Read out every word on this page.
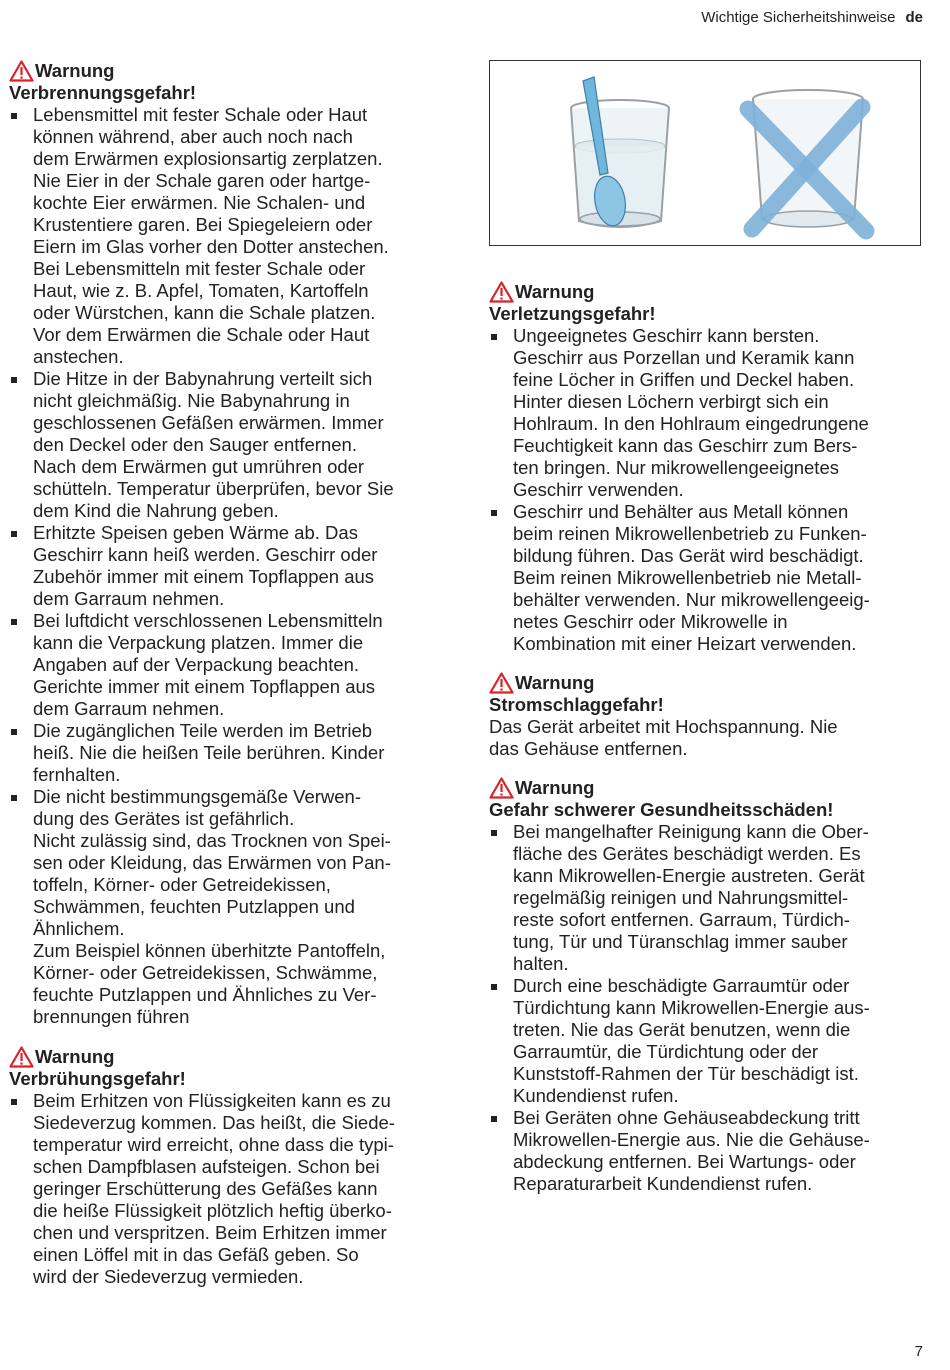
Wichtige Sicherheitshinweise de
Warnung
Verbrennungsgefahr!

Lebensmittel mit fester Schale oder Haut
können während, aber auch noch nach
dem Erwärmen explosionsartig zerplatzen.
Nie Eier in der Schale garen oder hartge-
kochte Eier erwärmen. Nie Schalen- und
Krustentiere garen. Bei Spiegeleiern oder
Eiern im Glas vorher den Dotter anstechen.
Bei Lebensmitteln mit fester Schale oder
Haut, wie z. B. Apfel, Tomaten, Kartoffeln
oder Würstchen, kann die Schale platzen.
Vor dem Erwärmen die Schale oder Haut
anstechen.

Die Hitze in der Babynahrung verteilt sich
nicht gleichmäßig. Nie Babynahrung in
geschlossenen Gefäßen erwärmen. Immer
den Deckel oder den Sauger entfernen.
Nach dem Erwärmen gut umrühren oder
schütteln. Temperatur überprüfen, bevor Sie
dem Kind die Nahrung geben.

Erhitzte Speisen geben Wärme ab. Das
Geschirr kann heiß werden. Geschirr oder
Zubehör immer mit einem Topflappen aus
dem Garraum nehmen.

Bei luftdicht verschlossenen Lebensmitteln
kann die Verpackung platzen. Immer die
Angaben auf der Verpackung beachten.
Gerichte immer mit einem Topflappen aus
dem Garraum nehmen.

Die zugänglichen Teile werden im Betrieb
heiß. Nie die heißen Teile berühren. Kinder
fernhalten.

Die nicht bestimmungsgemäße Verwen-
dung des Gerätes ist gefährlich.
Nicht zulässig sind, das Trocknen von Spei-
sen oder Kleidung, das Erwärmen von Pan-
toffeln, Körner- oder Getreidekissen,
Schwämmen, feuchten Putzlappen und
Ähnlichem.
Zum Beispiel können überhitzte Pantoffeln,
Körner- oder Getreidekissen, Schwämme,
feuchte Putzlappen und Ähnliches zu Ver-
brennungen führen

Warnung
Verbrühungsgefahr!

Beim Erhitzen von Flüssigkeiten kann es zu
Siedeverzug kommen. Das heißt, die Siede-
temperatur wird erreicht, ohne dass die typi-
schen Dampfblasen aufsteigen. Schon bei
geringer Erschütterung des Gefäßes kann
die heiße Flüssigkeit plötzlich heftig überko-
chen und verspritzen. Beim Erhitzen immer
einen Löffel mit in das Gefäß geben. So
wird der Siedeverzug vermieden.

Warnung
Verletzungsgefahr!

Ungeeignetes Geschirr kann bersten.
Geschirr aus Porzellan und Keramik kann
feine Löcher in Griffen und Deckel haben.
Hinter diesen Löchern verbirgt sich ein
Hohlraum. In den Hohlraum eingedrungene
Feuchtigkeit kann das Geschirr zum Bers-
ten bringen. Nur mikrowellengeeignetes
Geschirr verwenden.

Geschirr und Behälter aus Metall können
beim reinen Mikrowellenbetrieb zu Funken-
bildung führen. Das Gerät wird beschädigt.
Beim reinen Mikrowellenbetrieb nie Metall-
behälter verwenden. Nur mikrowellengeeig-
netes Geschirr oder Mikrowelle in
Kombination mit einer Heizart verwenden.

Warnung
Stromschlaggefahr!

Das Gerät arbeitet mit Hochspannung. Nie
das Gehäuse entfernen.

Warnung
Gefahr schwerer Gesundheitsschäden!

Bei mangelhafter Reinigung kann die Ober-
fläche des Gerätes beschädigt werden. Es
kann Mikrowellen-Energie austreten. Gerät
regelmäßig reinigen und Nahrungsmittel-
reste sofort entfernen. Garraum, Türdich-
tung, Tür und Türanschlag immer sauber
halten.

Durch eine beschädigte Garraumtür oder
Türdichtung kann Mikrowellen-Energie aus-
treten. Nie das Gerät benutzen, wenn die
Garraumtür, die Türdichtung oder der
Kunststoff-Rahmen der Tür beschädigt ist.
Kundendienst rufen.

Bei Geräten ohne Gehäuseabdeckung tritt
Mikrowellen-Energie aus. Nie die Gehäuse-
abdeckung entfernen. Bei Wartungs- oder
Reparaturarbeit Kundendienst rufen.

7
